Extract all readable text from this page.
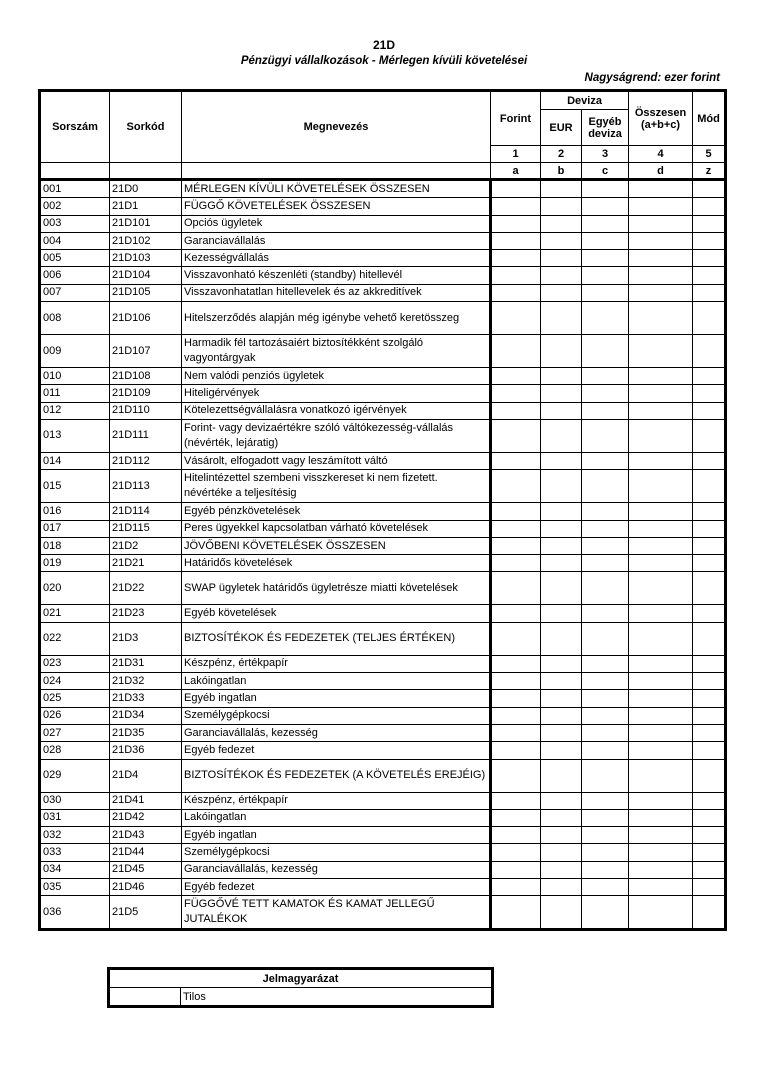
21D
Pénzügyi vállalkozások - Mérlegen kívüli követelései
Nagyságrend: ezer forint
Sorszám	Sorkód	Megnevezés	Forint	Deviza		Összesen (a+b+c)	Mód
				EUR	Egyéb deviza		
			1	2	3	4	5
			a	b	c	d	z
001	21D0	MÉRLEGEN KÍVÜLI KÖVETELÉSEK ÖSSZESEN					
002	21D1	FÜGGŐ KÖVETELÉSEK ÖSSZESEN					
003	21D101	Opciós ügyletek					
004	21D102	Garanciavállalás					
005	21D103	Kezességvállalás					
006	21D104	Visszavonható készenléti (standby) hitellevél					
007	21D105	Visszavonhatatlan hitellevelek és az akkreditívek					
008	21D106	Hitelszerződés alapján még igénybe vehető keretösszeg					
009	21D107	Harmadik fél tartozásaiért biztosítékként szolgáló vagyontárgyak					
010	21D108	Nem valódi penziós ügyletek					
011	21D109	Hiteligérvények					
012	21D110	Kötelezettségvállalásra vonatkozó igérvények					
013	21D111	Forint- vagy devizaértékre szóló váltókezesség-vállalás (névérték, lejáratig)					
014	21D112	Vásárolt, elfogadott vagy leszámított váltó					
015	21D113	Hitelintézettel szembeni visszkereset ki nem fizetett. névértéke a teljesítésig					
016	21D114	Egyéb pénzkövetelések					
017	21D115	Peres ügyekkel kapcsolatban várható követelések					
018	21D2	JÖVŐBENI KÖVETELÉSEK ÖSSZESEN					
019	21D21	Határidős követelések					
020	21D22	SWAP ügyletek határidős ügyletrésze miatti követelések					
021	21D23	Egyéb követelések					
022	21D3	BIZTOSÍTÉKOK ÉS FEDEZETEK (TELJES ÉRTÉKEN)					
023	21D31	Készpénz, értékpapír					
024	21D32	Lakóingatlan					
025	21D33	Egyéb ingatlan					
026	21D34	Személygépkocsi					
027	21D35	Garanciavállalás, kezesség					
028	21D36	Egyéb fedezet					
029	21D4	BIZTOSÍTÉKOK ÉS FEDEZETEK (A KÖVETELÉS EREJÉIG)					
030	21D41	Készpénz, értékpapír					
031	21D42	Lakóingatlan					
032	21D43	Egyéb ingatlan					
033	21D44	Személygépkocsi					
034	21D45	Garanciavállalás, kezesség					
035	21D46	Egyéb fedezet					
036	21D5	FÜGGŐVÉ TETT KAMATOK ÉS KAMAT JELLEGŰ JUTALÉKOK					
Jelmagyarázat
	Tilos
